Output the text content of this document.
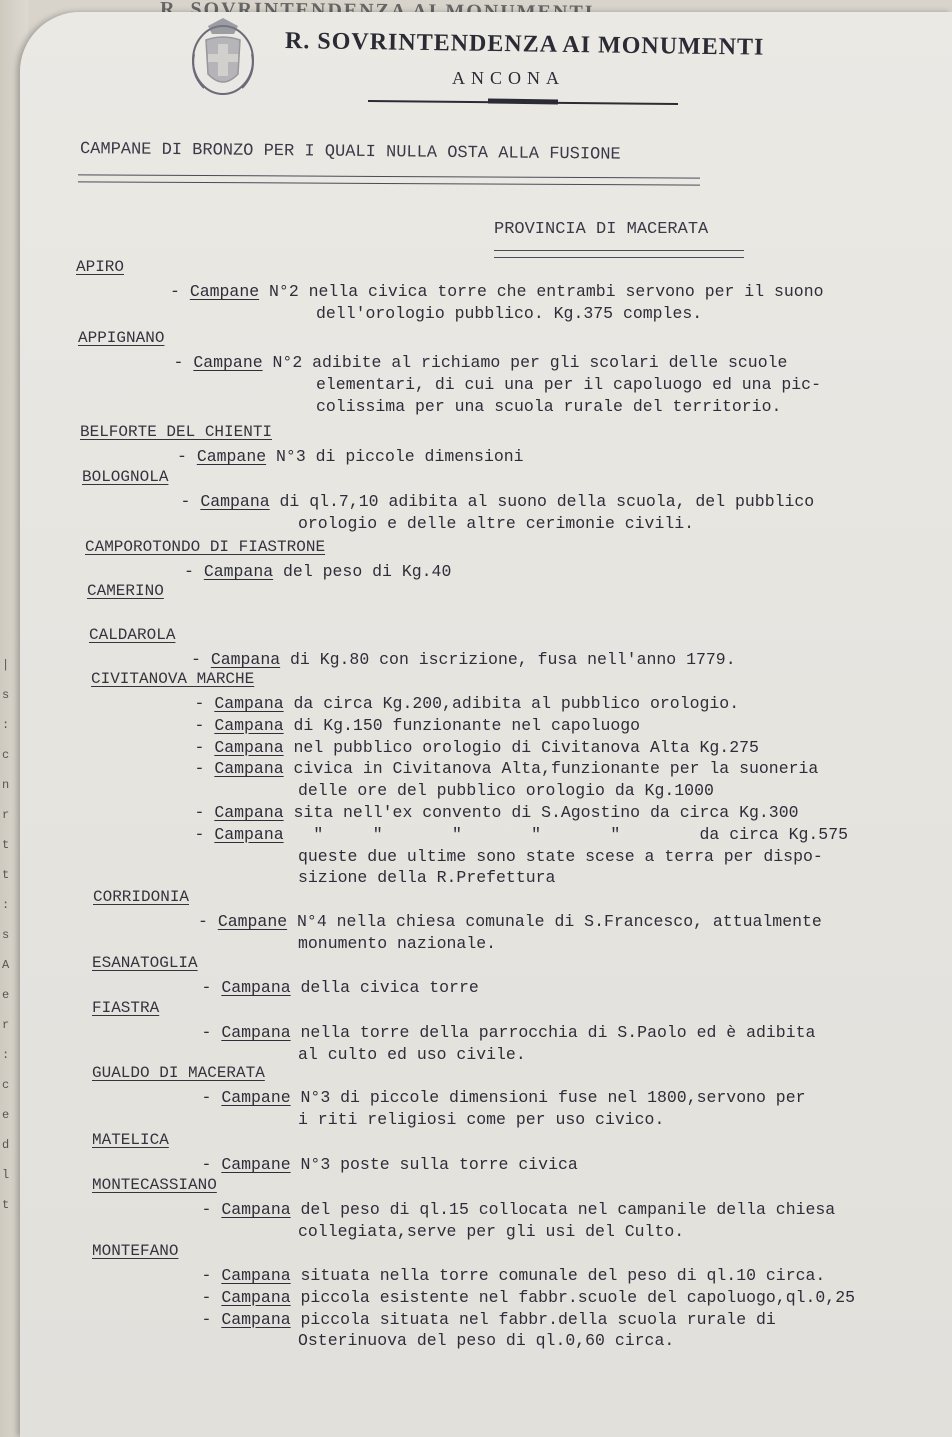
|
s
:
c
n
r
t
t
:
s
A
e
r
:
c
e
d
l
t
R. SOVRINTENDENZA AI MONUMENTI
ANCONA
CAMPANE DI BRONZO PER I QUALI NULLA OSTA ALLA FUSIONE
PROVINCIA DI MACERATA
APIRO
- Campane N°2 nella civica torre che entrambi servono per il suono
dell'orologio pubblico. Kg.375 comples.
APPIGNANO
- Campane N°2 adibite al richiamo per gli scolari delle scuole
elementari, di cui una per il capoluogo ed una pic-
colissima per una scuola rurale del territorio.
BELFORTE DEL CHIENTI
- Campane N°3 di piccole dimensioni
BOLOGNOLA
- Campana di ql.7,10 adibita al suono della scuola, del pubblico
orologio e delle altre cerimonie civili.
CAMPOROTONDO DI FIASTRONE
- Campana del peso di Kg.40
CAMERINO
CALDAROLA
- Campana di Kg.80 con iscrizione, fusa nell'anno 1779.
CIVITANOVA MARCHE
- Campana da circa Kg.200,adibita al pubblico orologio.
- Campana di Kg.150 funzionante nel capoluogo
- Campana nel pubblico orologio di Civitanova Alta Kg.275
- Campana civica in Civitanova Alta,funzionante per la suoneria
delle ore del pubblico orologio da Kg.1000
- Campana sita nell'ex convento di S.Agostino da circa Kg.300
- Campana   "     "       "       "       "        da circa Kg.575
queste due ultime sono state scese a terra per dispo-
sizione della R.Prefettura
CORRIDONIA
- Campane N°4 nella chiesa comunale di S.Francesco, attualmente
monumento nazionale.
ESANATOGLIA
- Campana della civica torre
FIASTRA
- Campana nella torre della parrocchia di S.Paolo ed è adibita
al culto ed uso civile.
GUALDO DI MACERATA
- Campane N°3 di piccole dimensioni fuse nel 1800,servono per
i riti religiosi come per uso civico.
MATELICA
- Campane N°3 poste sulla torre civica
MONTECASSIANO
- Campana del peso di ql.15 collocata nel campanile della chiesa
collegiata,serve per gli usi del Culto.
MONTEFANO
- Campana situata nella torre comunale del peso di ql.10 circa.
- Campana piccola esistente nel fabbr.scuole del capoluogo,ql.0,25
- Campana piccola situata nel fabbr.della scuola rurale di
Osterinuova del peso di ql.0,60 circa.
